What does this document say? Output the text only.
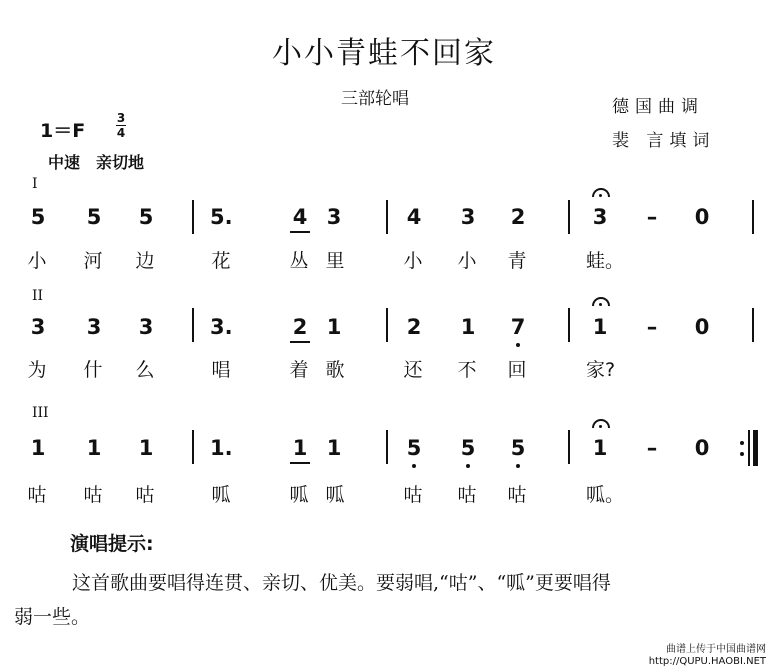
小小青蛙不回家
三部轮唱	德国曲调
裴 言填词
1＝F
3
4
中速　亲切地
I
5 5 5	5.	4 3	4 3 2	3	–	0
小 河 边	花	丛 里	小 小 青	蛙。
II
3 3 3	3.	2 1	2 1 7	1	–	0
为 什 么	唱	着 歌	还 不 回	家?
III
1 1 1	1.	1 1	5 5 5	1	–	0
咕 咕 咕	呱	呱 呱	咕 咕 咕	呱。
演唱提示:
这首歌曲要唱得连贯、亲切、优美。要弱唱,“咕”、“呱”更要唱得
弱一些。
曲谱上传于中国曲谱网
http://QUPU.HAOBI.NET
